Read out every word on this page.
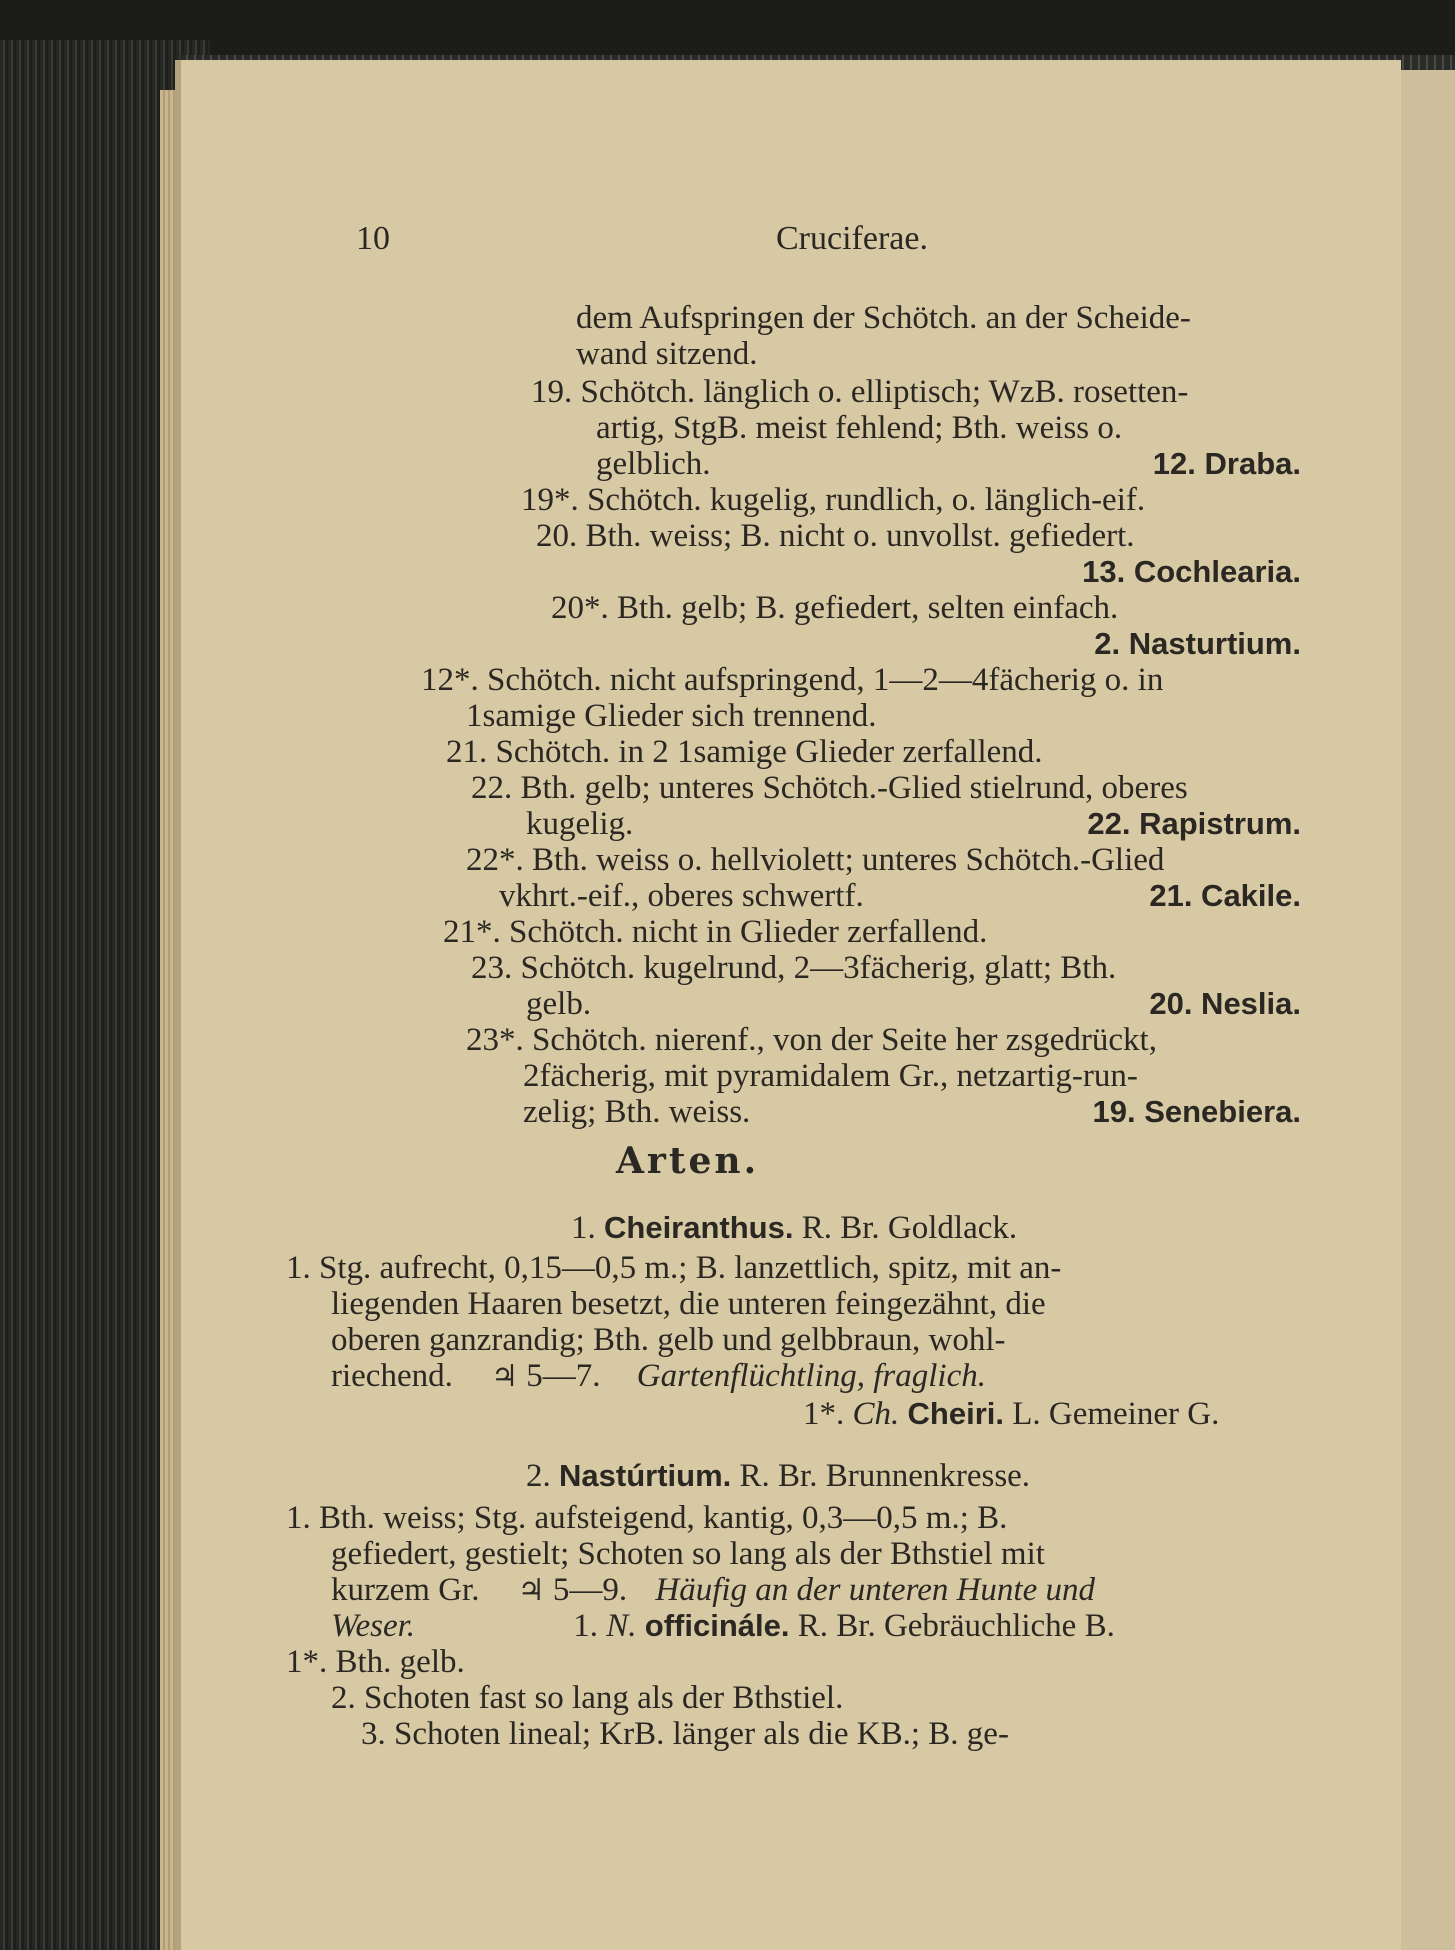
10	Cruciferae.
dem Aufspringen der Schötch. an der Scheide-
wand sitzend.
19. Schötch. länglich o. elliptisch; WzB. rosetten-
artig, StgB. meist fehlend; Bth. weiss o.
gelblich.	12. Draba.
19*. Schötch. kugelig, rundlich, o. länglich-eif.
20. Bth. weiss; B. nicht o. unvollst. gefiedert.
13. Cochlearia.
20*. Bth. gelb; B. gefiedert, selten einfach.
2. Nasturtium.
12*. Schötch. nicht aufspringend, 1—2—4fächerig o. in
1samige Glieder sich trennend.
21. Schötch. in 2 1samige Glieder zerfallend.
22. Bth. gelb; unteres Schötch.-Glied stielrund, oberes
kugelig.	22. Rapistrum.
22*. Bth. weiss o. hellviolett; unteres Schötch.-Glied
vkhrt.-eif., oberes schwertf.	21. Cakile.
21*. Schötch. nicht in Glieder zerfallend.
23. Schötch. kugelrund, 2—3fächerig, glatt; Bth.
gelb.	20. Neslia.
23*. Schötch. nierenf., von der Seite her zsgedrückt,
2fächerig, mit pyramidalem Gr., netzartig-run-
zelig; Bth. weiss.	19. Senebiera.
Arten.
1. Cheiranthus. R. Br. Goldlack.
1. Stg. aufrecht, 0,15—0,5 m.; B. lanzettlich, spitz, mit an-
liegenden Haaren besetzt, die unteren feingezähnt, die
oberen ganzrandig; Bth. gelb und gelbbraun, wohl-
riechend. ♃ 5—7. Gartenflüchtling, fraglich.
1*. Ch. Cheiri. L. Gemeiner G.
2. Nastúrtium. R. Br. Brunnenkresse.
1. Bth. weiss; Stg. aufsteigend, kantig, 0,3—0,5 m.; B.
gefiedert, gestielt; Schoten so lang als der Bthstiel mit
kurzem Gr. ♃ 5—9. Häufig an der unteren Hunte und
Weser.	1. N. officinále. R. Br. Gebräuchliche B.
1*. Bth. gelb.
2. Schoten fast so lang als der Bthstiel.
3. Schoten lineal; KrB. länger als die KB.; B. ge-
